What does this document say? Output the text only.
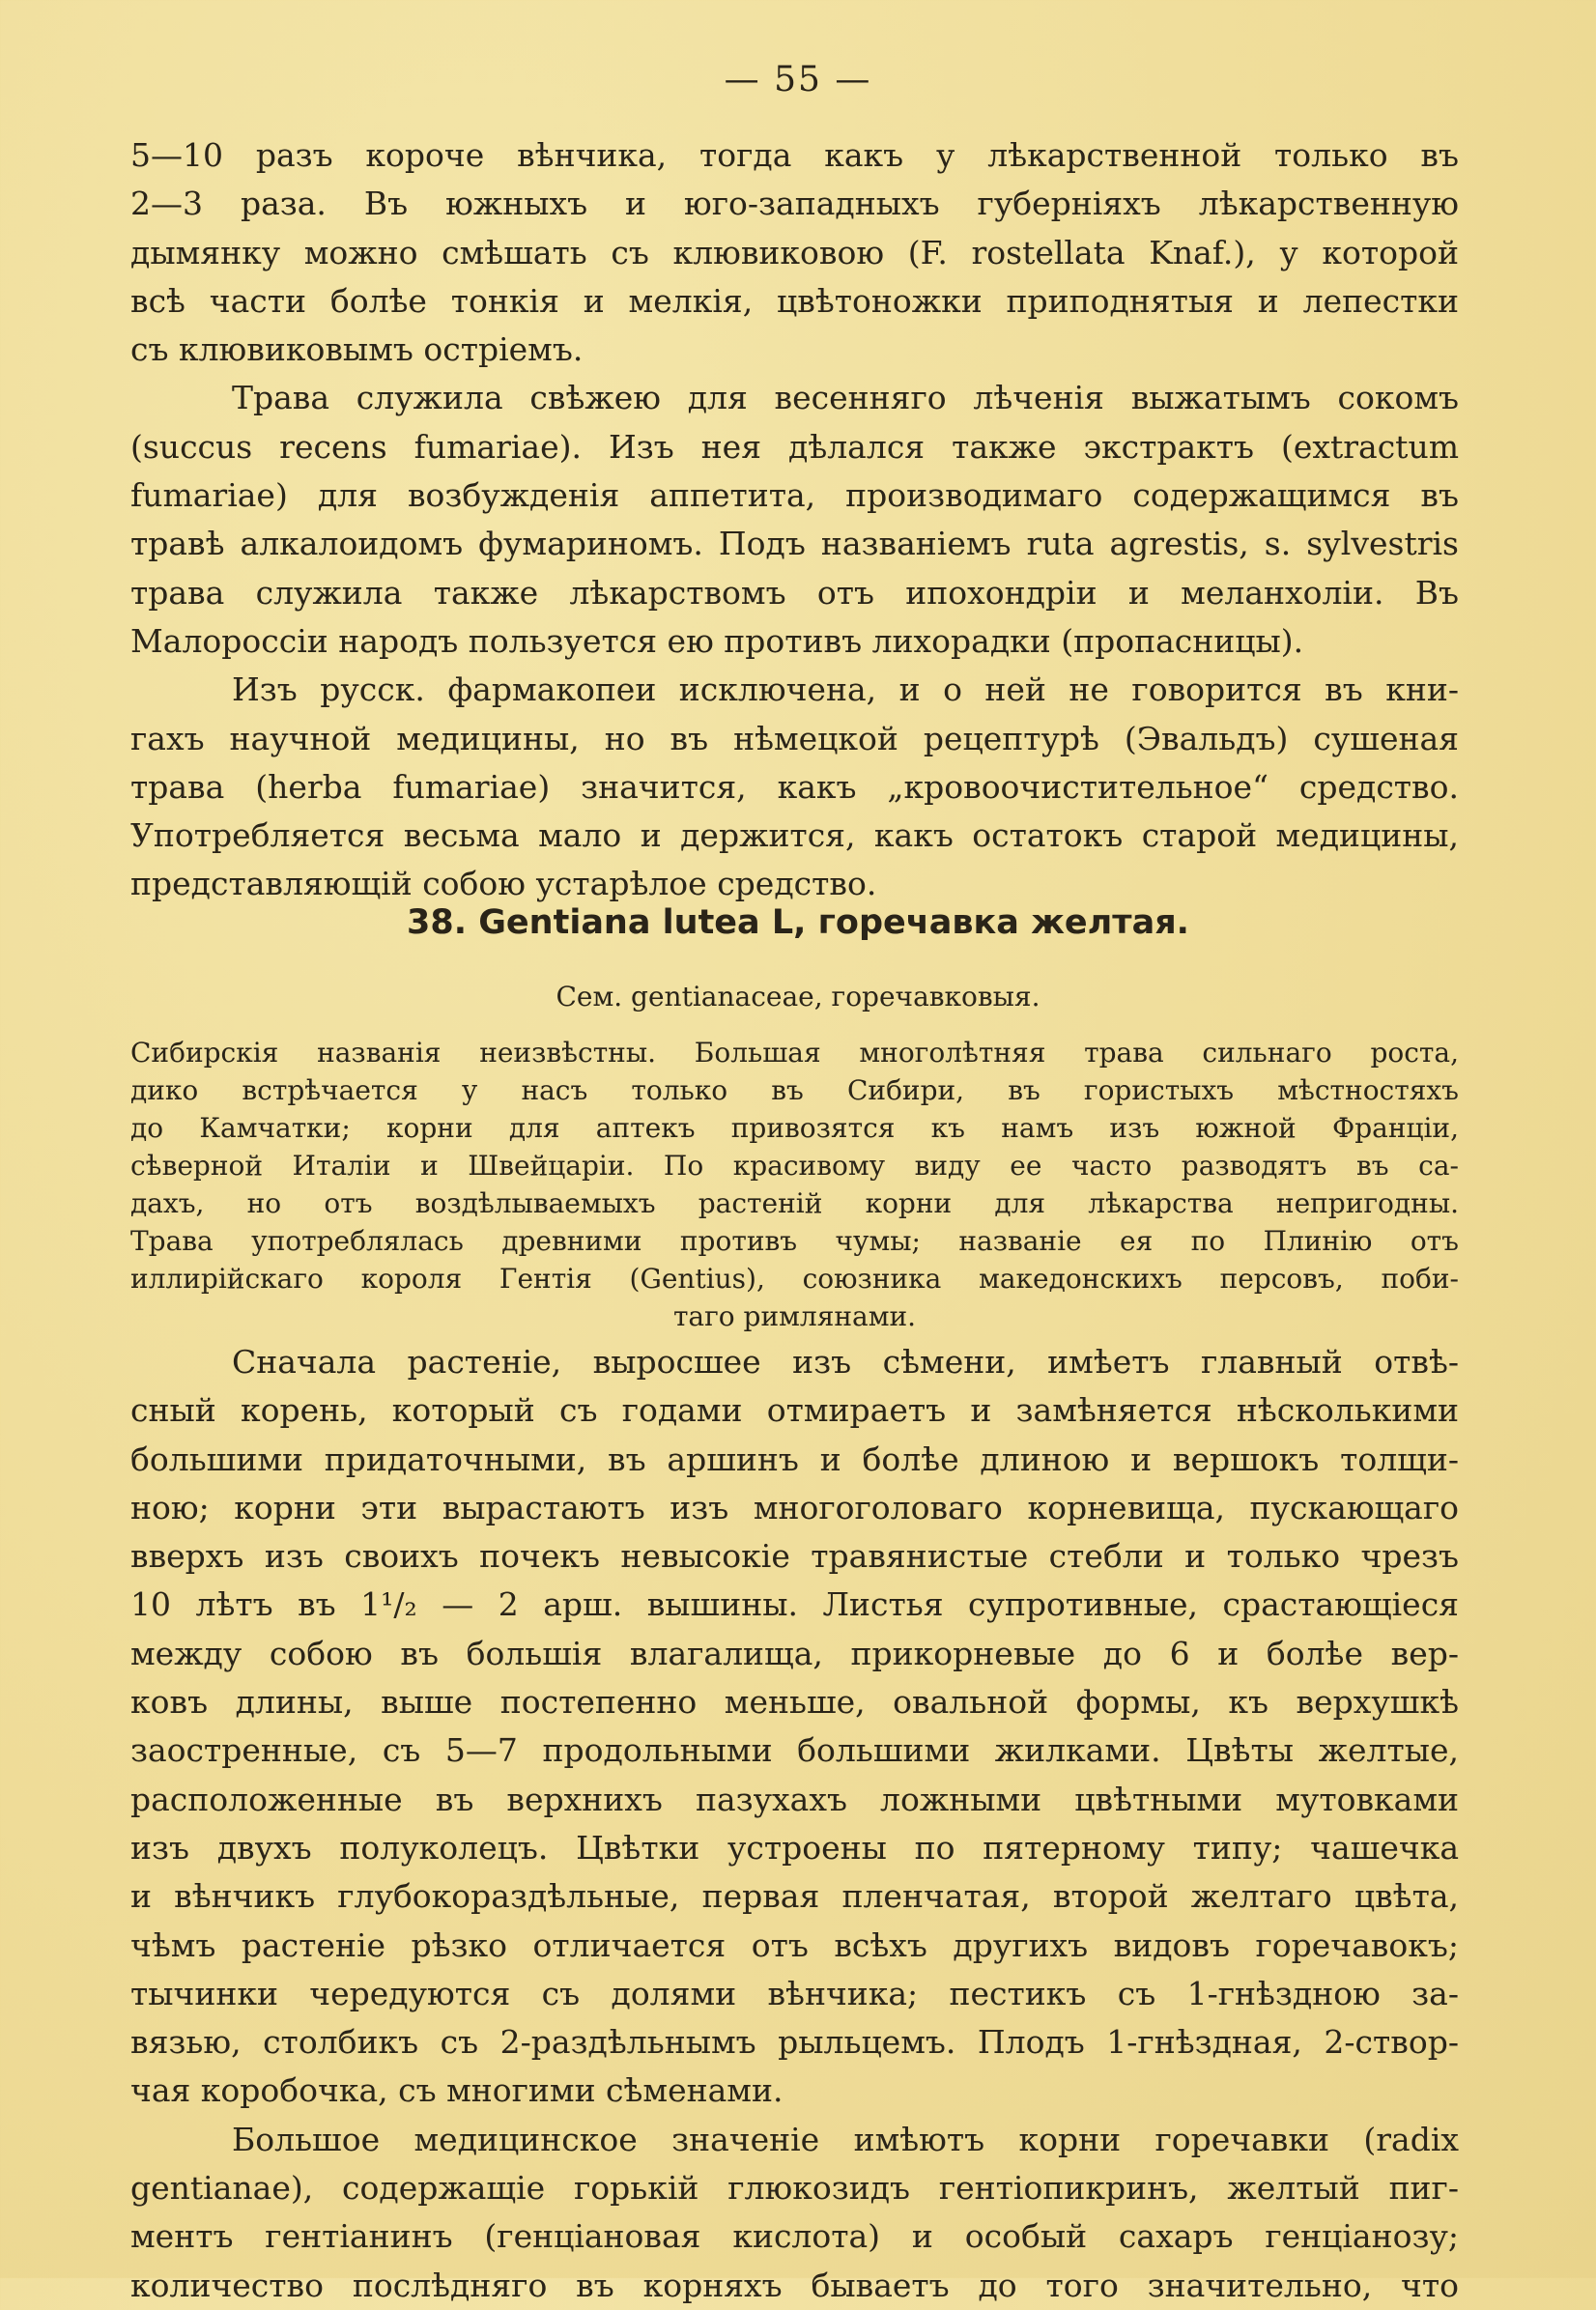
— 55 —
5—10 разъ короче вѣнчика, тогда какъ у лѣкарственной только въ
2—3 раза. Въ южныхъ и юго-западныхъ губерніяхъ лѣкарственную
дымянку можно смѣшать съ клювиковою (F. rostellata Knaf.), у которой
всѣ части болѣе тонкія и мелкія, цвѣтоножки приподнятыя и лепестки
съ клювиковымъ остріемъ.
Трава служила свѣжею для весенняго лѣченія выжатымъ сокомъ
(succus recens fumariae). Изъ нея дѣлался также экстрактъ (extractum
fumariae) для возбужденія аппетита, производимаго содержащимся въ
травѣ алкалоидомъ фумариномъ. Подъ названіемъ ruta agrestis, s. sylvestris
трава служила также лѣкарствомъ отъ ипохондріи и меланхоліи. Въ
Малороссіи народъ пользуется ею противъ лихорадки (пропасницы).
Изъ русск. фармакопеи исключена, и о ней не говорится въ кни-
гахъ научной медицины, но въ нѣмецкой рецептурѣ (Эвальдъ) сушеная
трава (herba fumariae) значится, какъ „кровоочистительное“ средство.
Употребляется весьма мало и держится, какъ остатокъ старой медицины,
представляющій собою устарѣлое средство.
38. Gentiana lutea L, горечавка желтая.
Сем. gentianaceae, горечавковыя.
Сибирскія названія неизвѣстны. Большая многолѣтняя трава сильнаго роста,
дико встрѣчается у насъ только въ Сибири, въ гористыхъ мѣстностяхъ
до Камчатки; корни для аптекъ привозятся къ намъ изъ южной Франціи,
сѣверной Италіи и Швейцаріи. По красивому виду ее часто разводятъ въ са-
дахъ, но отъ воздѣлываемыхъ растеній корни для лѣкарства непригодны.
Трава употреблялась древними противъ чумы; названіе ея по Плинію отъ
иллирійскаго короля Гентія (Gentius), союзника македонскихъ персовъ, поби-
таго римлянами.
Сначала растеніе, выросшее изъ сѣмени, имѣетъ главный отвѣ-
сный корень, который съ годами отмираетъ и замѣняется нѣсколькими
большими придаточными, въ аршинъ и болѣе длиною и вершокъ толщи-
ною; корни эти вырастаютъ изъ многоголоваго корневища, пускающаго
вверхъ изъ своихъ почекъ невысокіе травянистые стебли и только чрезъ
10 лѣтъ въ 1¹/₂ — 2 арш. вышины. Листья супротивные, срастающіеся
между собою въ большія влагалища, прикорневые до 6 и болѣе вер-
ковъ длины, выше постепенно меньше, овальной формы, къ верхушкѣ
заостренные, съ 5—7 продольными большими жилками. Цвѣты желтые,
расположенные въ верхнихъ пазухахъ ложными цвѣтными мутовками
изъ двухъ полуколецъ. Цвѣтки устроены по пятерному типу; чашечка
и вѣнчикъ глубокораздѣльные, первая пленчатая, второй желтаго цвѣта,
чѣмъ растеніе рѣзко отличается отъ всѣхъ другихъ видовъ горечавокъ;
тычинки чередуются съ долями вѣнчика; пестикъ съ 1-гнѣздною за-
вязью, столбикъ съ 2-раздѣльнымъ рыльцемъ. Плодъ 1-гнѣздная, 2-створ-
чая коробочка, съ многими сѣменами.
Большое медицинское значеніе имѣютъ корни горечавки (radix
gentianae), содержащіе горькій глюкозидъ гентіопикринъ, желтый пиг-
ментъ гентіанинъ (генціановая кислота) и особый сахаръ генціанозу;
количество послѣдняго въ корняхъ бываетъ до того значительно, что
